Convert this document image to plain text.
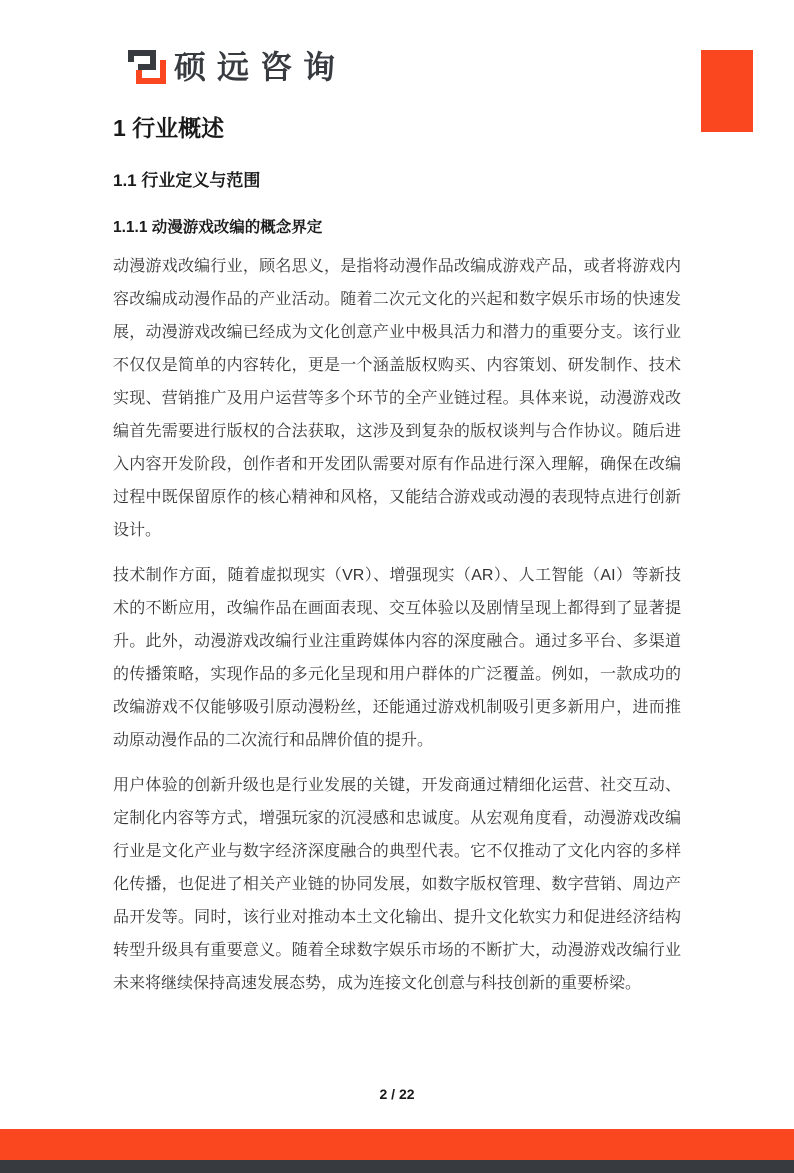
硕远咨询
1 行业概述
1.1 行业定义与范围
1.1.1 动漫游戏改编的概念界定

动漫游戏改编行业，顾名思义，是指将动漫作品改编成游戏产品，或者将游戏内容改编成动漫作品的产业活动。随着二次元文化的兴起和数字娱乐市场的快速发展，动漫游戏改编已经成为文化创意产业中极具活力和潜力的重要分支。该行业不仅仅是简单的内容转化，更是一个涵盖版权购买、内容策划、研发制作、技术实现、营销推广及用户运营等多个环节的全产业链过程。具体来说，动漫游戏改编首先需要进行版权的合法获取，这涉及到复杂的版权谈判与合作协议。随后进入内容开发阶段，创作者和开发团队需要对原有作品进行深入理解，确保在改编过程中既保留原作的核心精神和风格，又能结合游戏或动漫的表现特点进行创新设计。

技术制作方面，随着虚拟现实（VR）、增强现实（AR）、人工智能（AI）等新技术的不断应用，改编作品在画面表现、交互体验以及剧情呈现上都得到了显著提升。此外，动漫游戏改编行业注重跨媒体内容的深度融合。通过多平台、多渠道的传播策略，实现作品的多元化呈现和用户群体的广泛覆盖。例如，一款成功的改编游戏不仅能够吸引原动漫粉丝，还能通过游戏机制吸引更多新用户，进而推动原动漫作品的二次流行和品牌价值的提升。

用户体验的创新升级也是行业发展的关键，开发商通过精细化运营、社交互动、定制化内容等方式，增强玩家的沉浸感和忠诚度。从宏观角度看，动漫游戏改编行业是文化产业与数字经济深度融合的典型代表。它不仅推动了文化内容的多样化传播，也促进了相关产业链的协同发展，如数字版权管理、数字营销、周边产品开发等。同时，该行业对推动本土文化输出、提升文化软实力和促进经济结构转型升级具有重要意义。随着全球数字娱乐市场的不断扩大，动漫游戏改编行业未来将继续保持高速发展态势，成为连接文化创意与科技创新的重要桥梁。

2 / 22
